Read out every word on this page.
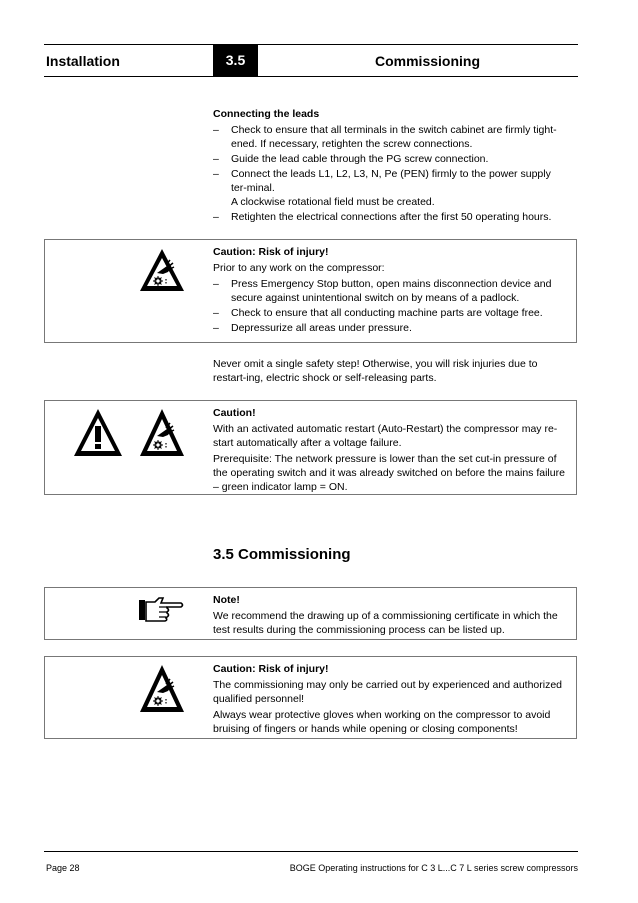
Installation	3.5	Commissioning
Connecting the leads
– Check to ensure that all terminals in the switch cabinet are firmly tight-ened. If necessary, retighten the screw connections.
– Guide the lead cable through the PG screw connection.
– Connect the leads L1, L2, L3, N, Pe (PEN) firmly to the power supply ter-minal.
A clockwise rotational field must be created.
– Retighten the electrical connections after the first 50 operating hours.
Caution: Risk of injury!
Prior to any work on the compressor:
– Press Emergency Stop button, open mains disconnection device and secure against unintentional switch on by means of a padlock.
– Check to ensure that all conducting machine parts are voltage free.
– Depressurize all areas under pressure.
Never omit a single safety step! Otherwise, you will risk injuries due to restart-ing, electric shock or self-releasing parts.
Caution!
With an activated automatic restart (Auto-Restart) the compressor may re-start automatically after a voltage failure.
Prerequisite: The network pressure is lower than the set cut-in pressure of the operating switch and it was already switched on before the mains failure – green indicator lamp = ON.
3.5 Commissioning
Note!
We recommend the drawing up of a commissioning certificate in which the test results during the commissioning process can be listed up.
Caution: Risk of injury!
The commissioning may only be carried out by experienced and authorized qualified personnel!
Always wear protective gloves when working on the compressor to avoid bruising of fingers or hands while opening or closing components!
Page 28	BOGE Operating instructions for C 3 L...C 7 L series screw compressors
